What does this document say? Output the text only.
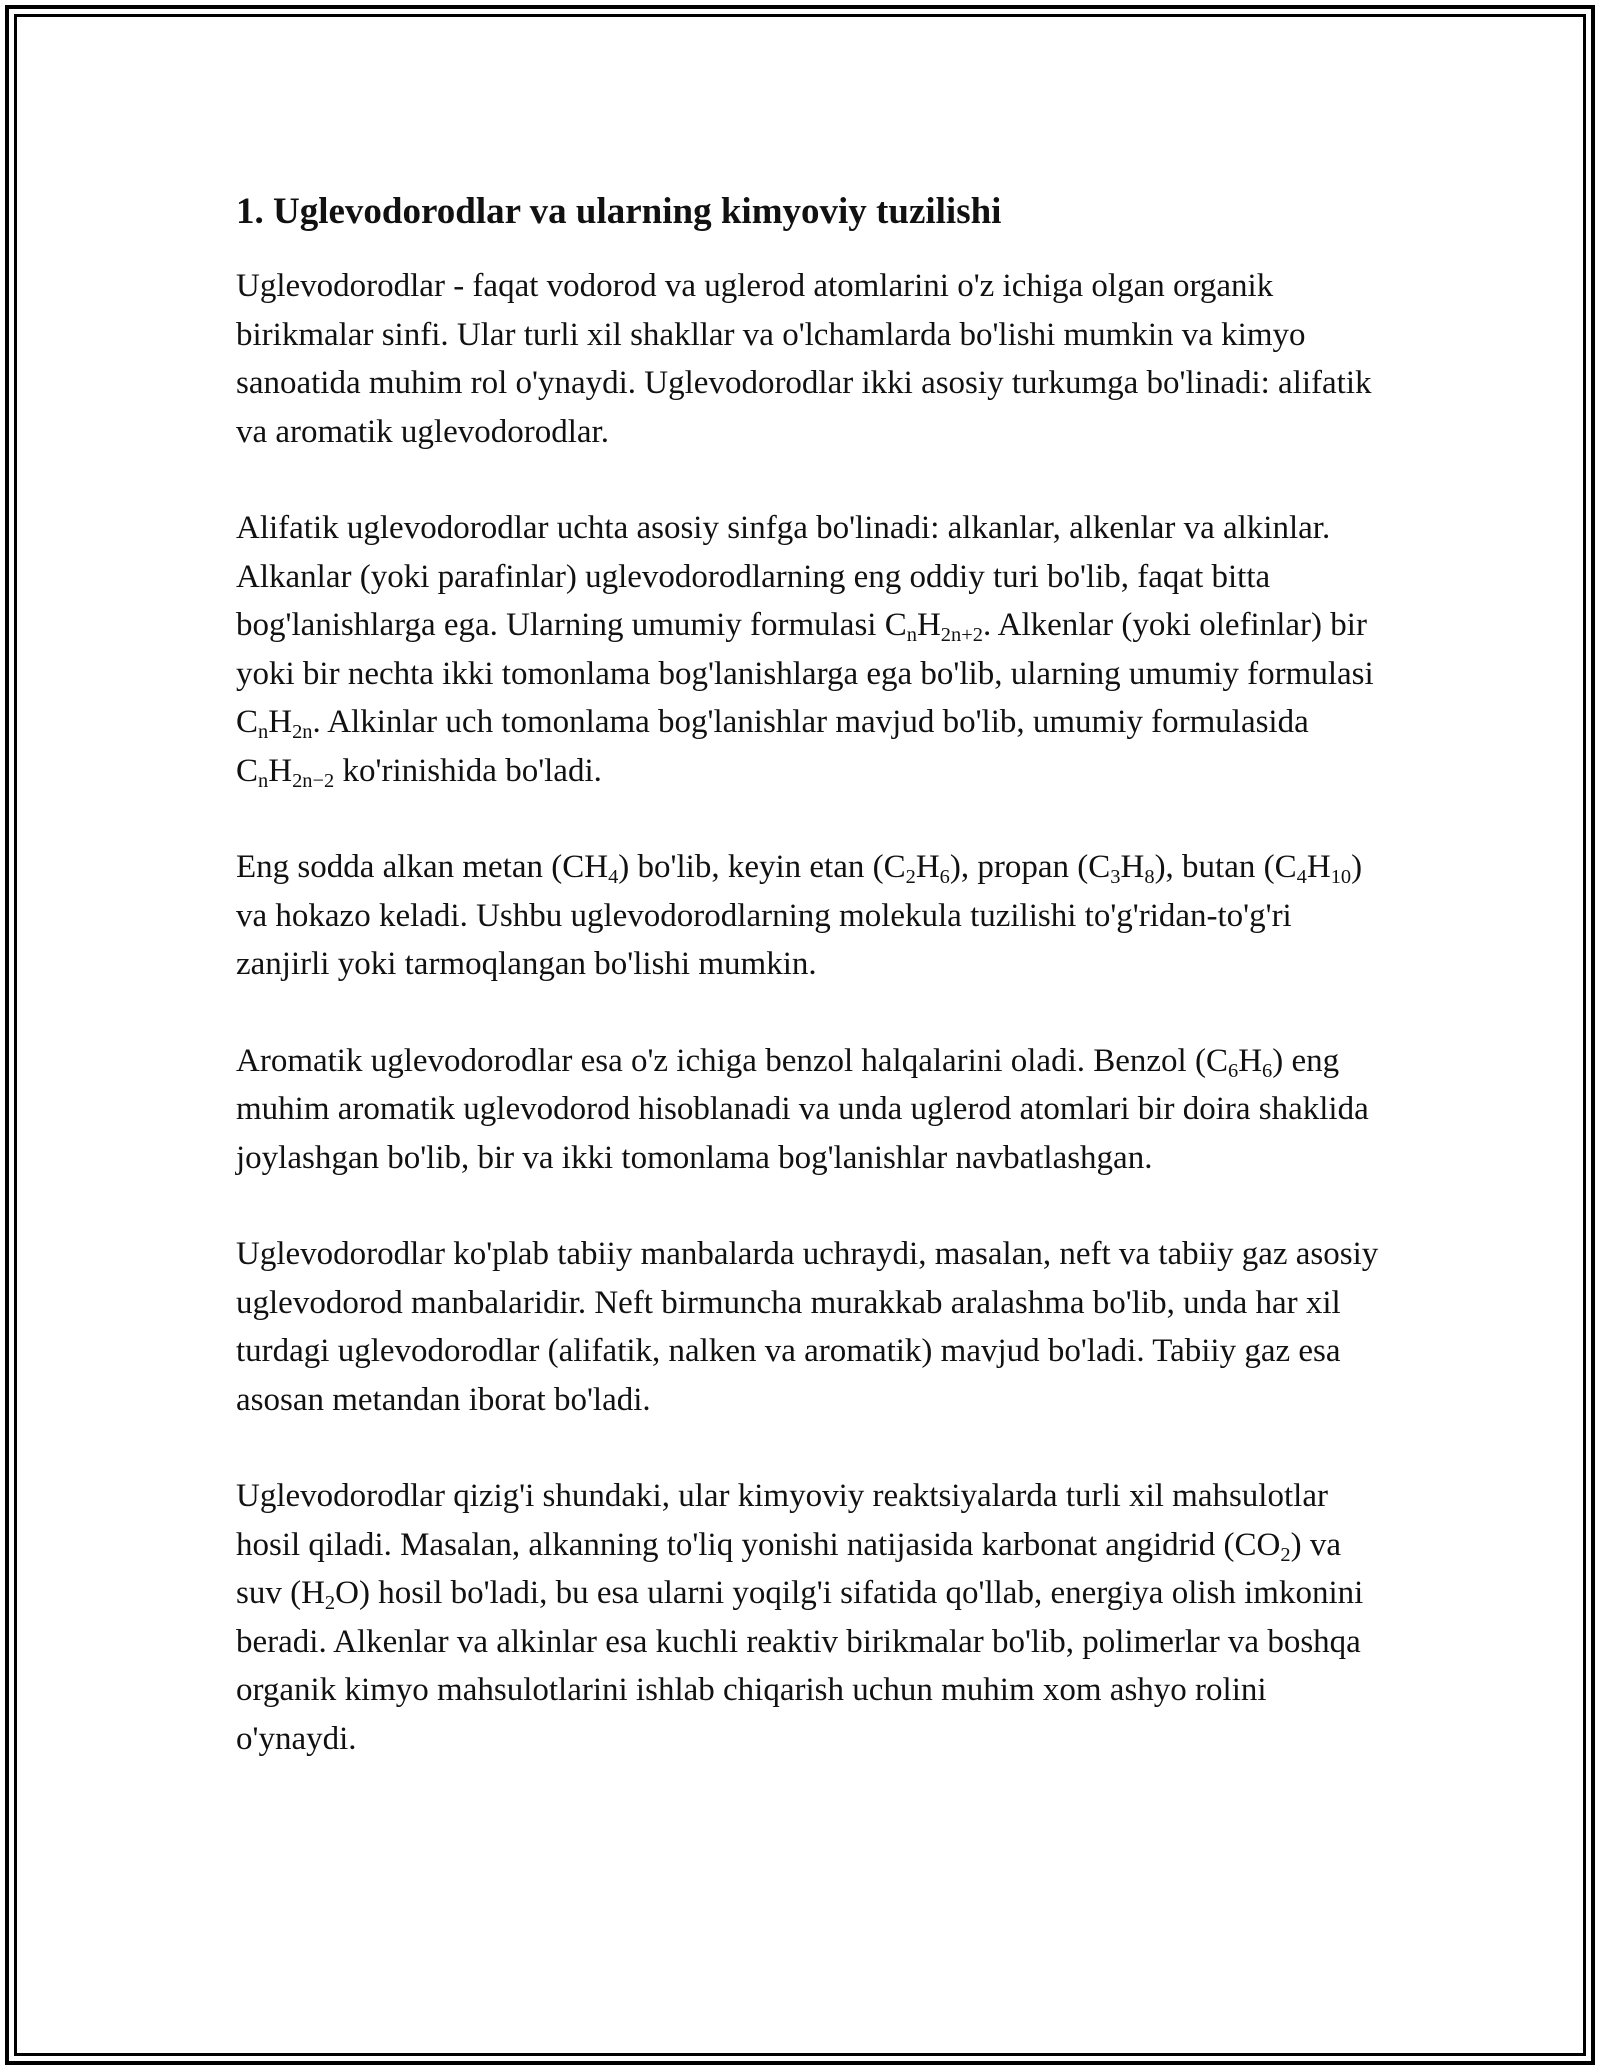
1. Uglevodorodlar va ularning kimyoviy tuzilishi

Uglevodorodlar - faqat vodorod va uglerod atomlarini o'z ichiga olgan organik birikmalar sinfi. Ular turli xil shakllar va o'lchamlarda bo'lishi mumkin va kimyo sanoatida muhim rol o'ynaydi. Uglevodorodlar ikki asosiy turkumga bo'linadi: alifatik va aromatik uglevodorodlar.

Alifatik uglevodorodlar uchta asosiy sinfga bo'linadi: alkanlar, alkenlar va alkinlar. Alkanlar (yoki parafinlar) uglevodorodlarning eng oddiy turi bo'lib, faqat bitta bog'lanishlarga ega. Ularning umumiy formulasi $C_nH_{2n+2}$. Alkenlar (yoki olefinlar) bir yoki bir nechta ikki tomonlama bog'lanishlarga ega bo'lib, ularning umumiy formulasi $C_nH_{2n}$. Alkinlar uch tomonlama bog'lanishlar mavjud bo'lib, umumiy formulasida $C_nH_{2n-2}$ ko'rinishida bo'ladi.

Eng sodda alkan metan $(CH_4)$ bo'lib, keyin etan $(C_2H_6)$, propan $(C_3H_8)$, butan $(C_4H_{10})$ va hokazo keladi. Ushbu uglevodorodlarning molekula tuzilishi to'g'ridan-to'g'ri zanjirli yoki tarmoqlangan bo'lishi mumkin.

Aromatik uglevodorodlar esa o'z ichiga benzol halqalarini oladi. Benzol $(C_6H_6)$ eng muhim aromatik uglevodorod hisoblanadi va unda uglerod atomlari bir doira shaklida joylashgan bo'lib, bir va ikki tomonlama bog'lanishlar navbatlashgan.

Uglevodorodlar ko'plab tabiiy manbalarda uchraydi, masalan, neft va tabiiy gaz asosiy uglevodorod manbalaridir. Neft birmuncha murakkab aralashma bo'lib, unda har xil turdagi uglevodorodlar (alifatik, nalken va aromatik) mavjud bo'ladi. Tabiiy gaz esa asosan metandan iborat bo'ladi.

Uglevodorodlar qizig'i shundaki, ular kimyoviy reaktsiyalarda turli xil mahsulotlar hosil qiladi. Masalan, alkanning to'liq yonishi natijasida karbonat angidrid $(CO_2)$ va suv $(H_2O)$ hosil bo'ladi, bu esa ularni yoqilg'i sifatida qo'llab, energiya olish imkonini beradi. Alkenlar va alkinlar esa kuchli reaktiv birikmalar bo'lib, polimerlar va boshqa organik kimyo mahsulotlarini ishlab chiqarish uchun muhim xom ashyo rolini o'ynaydi.
